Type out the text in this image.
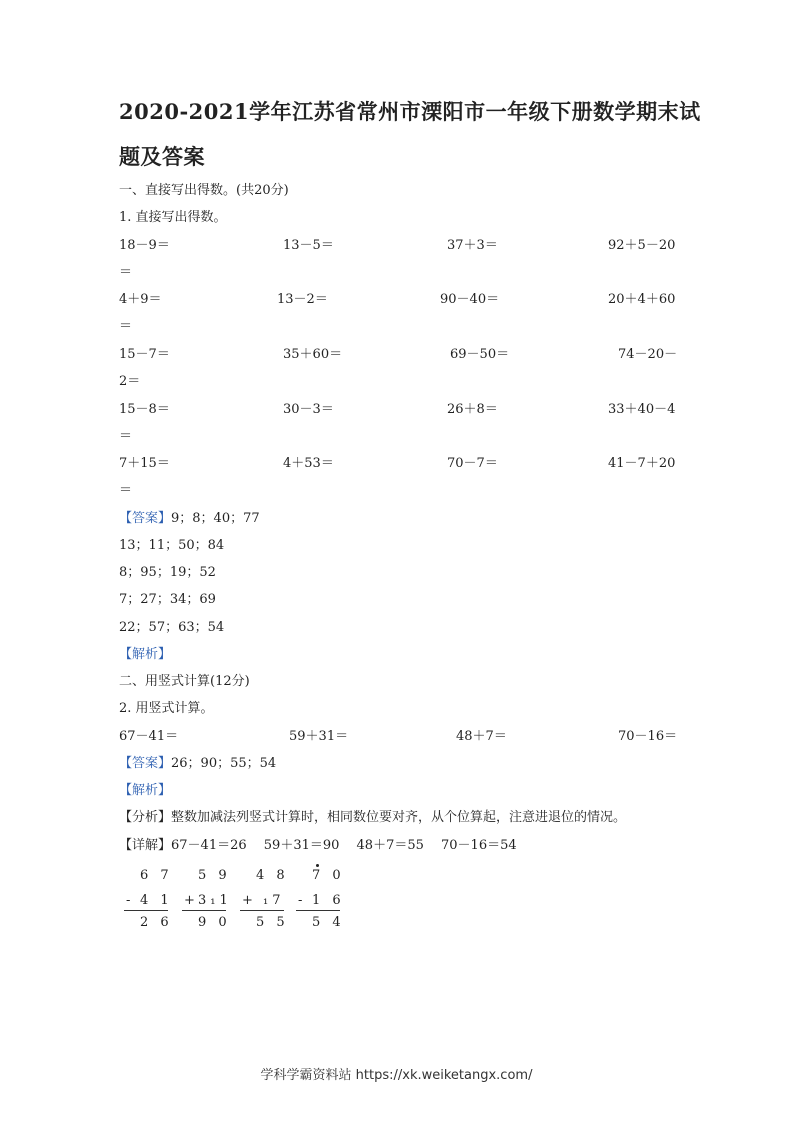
2020-2021学年江苏省常州市溧阳市一年级下册数学期末试
题及答案
一、直接写出得数。(共20分)
1. 直接写出得数。
18－9＝	13－5＝	37＋3＝	92＋5－20
＝
4＋9＝	13－2＝	90－40＝	20＋4＋60
＝
15－7＝	35＋60＝	69－50＝	74－20－
2＝
15－8＝	30－3＝	26＋8＝	33＋40－4
＝
7＋15＝	4＋53＝	70－7＝	41－7＋20
＝
【答案】9；8；40；77
13；11；50；84
8；95；19；52
7；27；34；69
22；57；63；54
【解析】
二、用竖式计算(12分)
2. 用竖式计算。
67－41＝	59＋31＝	48＋7＝	70－16＝
【答案】26；90；55；54
【解析】
【分析】整数加减法列竖式计算时，相同数位要对齐，从个位算起，注意进退位的情况。
【详解】67－41＝26　 59＋31＝90　 48＋7＝55　 70－16＝54
6 7
- 4 1
2 6
5 9
+ 3₁1
9 0
4 8
+ ₁7
5 5
7 0
- 1 6
5 4
学科学霸资料站 https://xk.weiketangx.com/
